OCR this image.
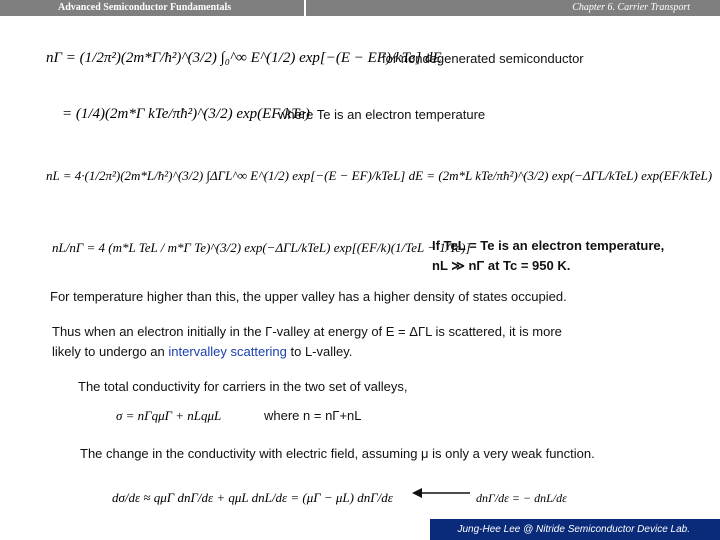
Advanced Semiconductor Fundamentals	Chapter 6. Carrier Transport
nΓ = (1/2π²)(2m*Γ/ħ²)^(3/2) ∫₀^∞ E^(1/2) exp[−(E − EF)/kTe] dE
for nondegenerated semiconductor
= (1/4)(2m*Γ kTe/πħ²)^(3/2) exp(EF/kTe)
where Te is an electron temperature
nL = 4·(1/2π²)(2m*L/ħ²)^(3/2) ∫ΔΓL^∞ E^(1/2) exp[−(E − EF)/kTeL] dE = (2m*L kTe/πħ²)^(3/2) exp(−ΔΓL/kTeL) exp(EF/kTeL)
nL/nΓ = 4 (m*L TeL / m*Γ Te)^(3/2) exp(−ΔΓL/kTeL) exp[(EF/k)(1/TeL − 1/Te)]
If TeL = Te is an electron temperature,
nL ≫ nΓ at Tc = 950 K.
For temperature higher than this, the upper valley has a higher density of states occupied.
Thus when an electron initially in the Γ-valley at energy of E = ΔΓL is scattered, it is more
likely to undergo an intervalley scattering to L-valley.
The total conductivity for carriers in the two set of valleys,
σ = nΓqμΓ + nLqμL	where n = nΓ+nL
The change in the conductivity with electric field, assuming μ is only a very weak function.
dσ/dε ≈ qμΓ dnΓ/dε + qμL dnL/dε = (μΓ − μL) dnΓ/dε	dnΓ/dε = − dnL/dε
Jung-Hee Lee @ Nitride Semiconductor Device Lab.
